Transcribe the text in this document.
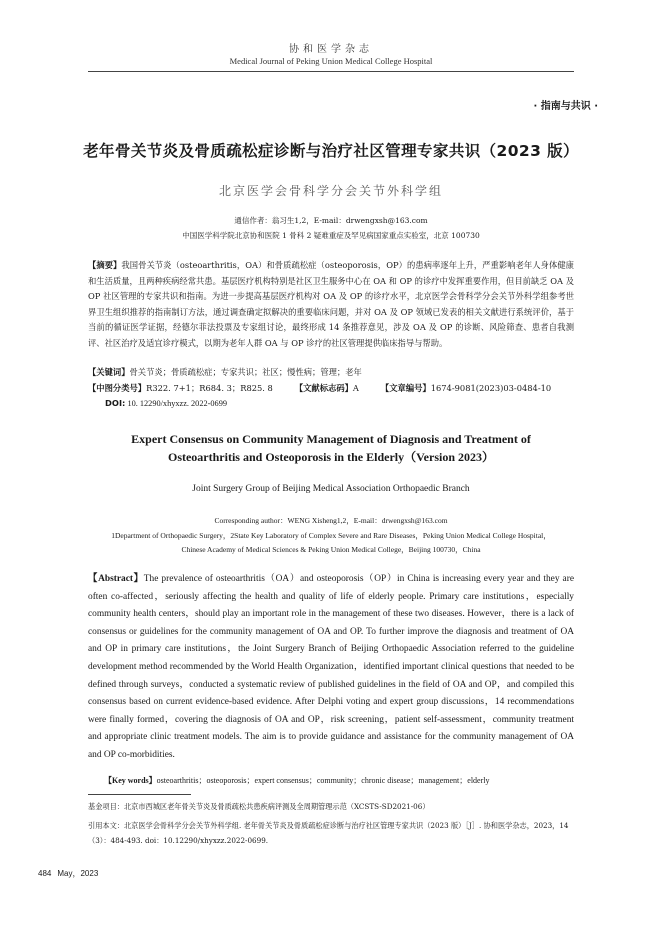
协和医学杂志
Medical Journal of Peking Union Medical College Hospital
· 指南与共识 ·
老年骨关节炎及骨质疏松症诊断与治疗社区管理专家共识（2023 版）
北京医学会骨科学分会关节外科学组
通信作者：翁习生1,2，E-mail：drwengxsh@163.com
中国医学科学院北京协和医院 1 骨科 2 疑难重症及罕见病国家重点实验室，北京 100730
【摘要】我国骨关节炎（osteoarthritis，OA）和骨质疏松症（osteoporosis，OP）的患病率逐年上升，严重影响老年人身体健康和生活质量，且两种疾病经常共患。基层医疗机构特别是社区卫生服务中心在 OA 和 OP 的诊疗中发挥重要作用，但目前缺乏 OA 及 OP 社区管理的专家共识和指南。为进一步提高基层医疗机构对 OA 及 OP 的诊疗水平，北京医学会骨科学分会关节外科学组参考世界卫生组织推荐的指南制订方法，通过调查确定拟解决的重要临床问题，并对 OA 及 OP 领域已发表的相关文献进行系统评价，基于当前的循证医学证据，经德尔菲法投票及专家组讨论，最终形成 14 条推荐意见，涉及 OA 及 OP 的诊断、风险筛查、患者自我测评、社区治疗及适宜诊疗模式，以期为老年人群 OA 与 OP 诊疗的社区管理提供临床指导与帮助。
【关键词】骨关节炎；骨质疏松症；专家共识；社区；慢性病；管理；老年
【中图分类号】R322. 7+1；R684. 3；R825. 8	【文献标志码】A	【文章编号】1674-9081(2023)03-0484-10
DOI: 10. 12290/xhyxzz. 2022-0699
Expert Consensus on Community Management of Diagnosis and Treatment of
Osteoarthritis and Osteoporosis in the Elderly（Version 2023）
Joint Surgery Group of Beijing Medical Association Orthopaedic Branch
Corresponding author：WENG Xisheng1,2，E-mail：drwengxsh@163.com
1Department of Orthopaedic Surgery，2State Key Laboratory of Complex Severe and Rare Diseases，Peking Union Medical College Hospital，
Chinese Academy of Medical Sciences & Peking Union Medical College，Beijing 100730，China
【Abstract】The prevalence of osteoarthritis（OA）and osteoporosis（OP）in China is increasing every year and they are often co-affected，seriously affecting the health and quality of life of elderly people. Primary care institutions，especially community health centers，should play an important role in the management of these two diseases. However，there is a lack of consensus or guidelines for the community management of OA and OP. To further improve the diagnosis and treatment of OA and OP in primary care institutions，the Joint Surgery Branch of Beijing Orthopaedic Association referred to the guideline development method recommended by the World Health Organization，identified important clinical questions that needed to be defined through surveys，conducted a systematic review of published guidelines in the field of OA and OP，and compiled this consensus based on current evidence-based evidence. After Delphi voting and expert group discussions，14 recommendations were finally formed，covering the diagnosis of OA and OP，risk screening，patient self-assessment，community treatment and appropriate clinic treatment models. The aim is to provide guidance and assistance for the community management of OA and OP co-morbidities.
【Key words】osteoarthritis；osteoporosis；expert consensus；community；chronic disease；management；elderly
基金项目：北京市西城区老年骨关节炎及骨质疏松共患疾病评测及全周期管理示范（XCSTS-SD2021-06）
引用本文：北京医学会骨科学分会关节外科学组. 老年骨关节炎及骨质疏松症诊断与治疗社区管理专家共识（2023 版）［J］. 协和医学杂志，2023，14（3）：484-493. doi：10.12290/xhyxzz.2022-0699.
484 May，2023
